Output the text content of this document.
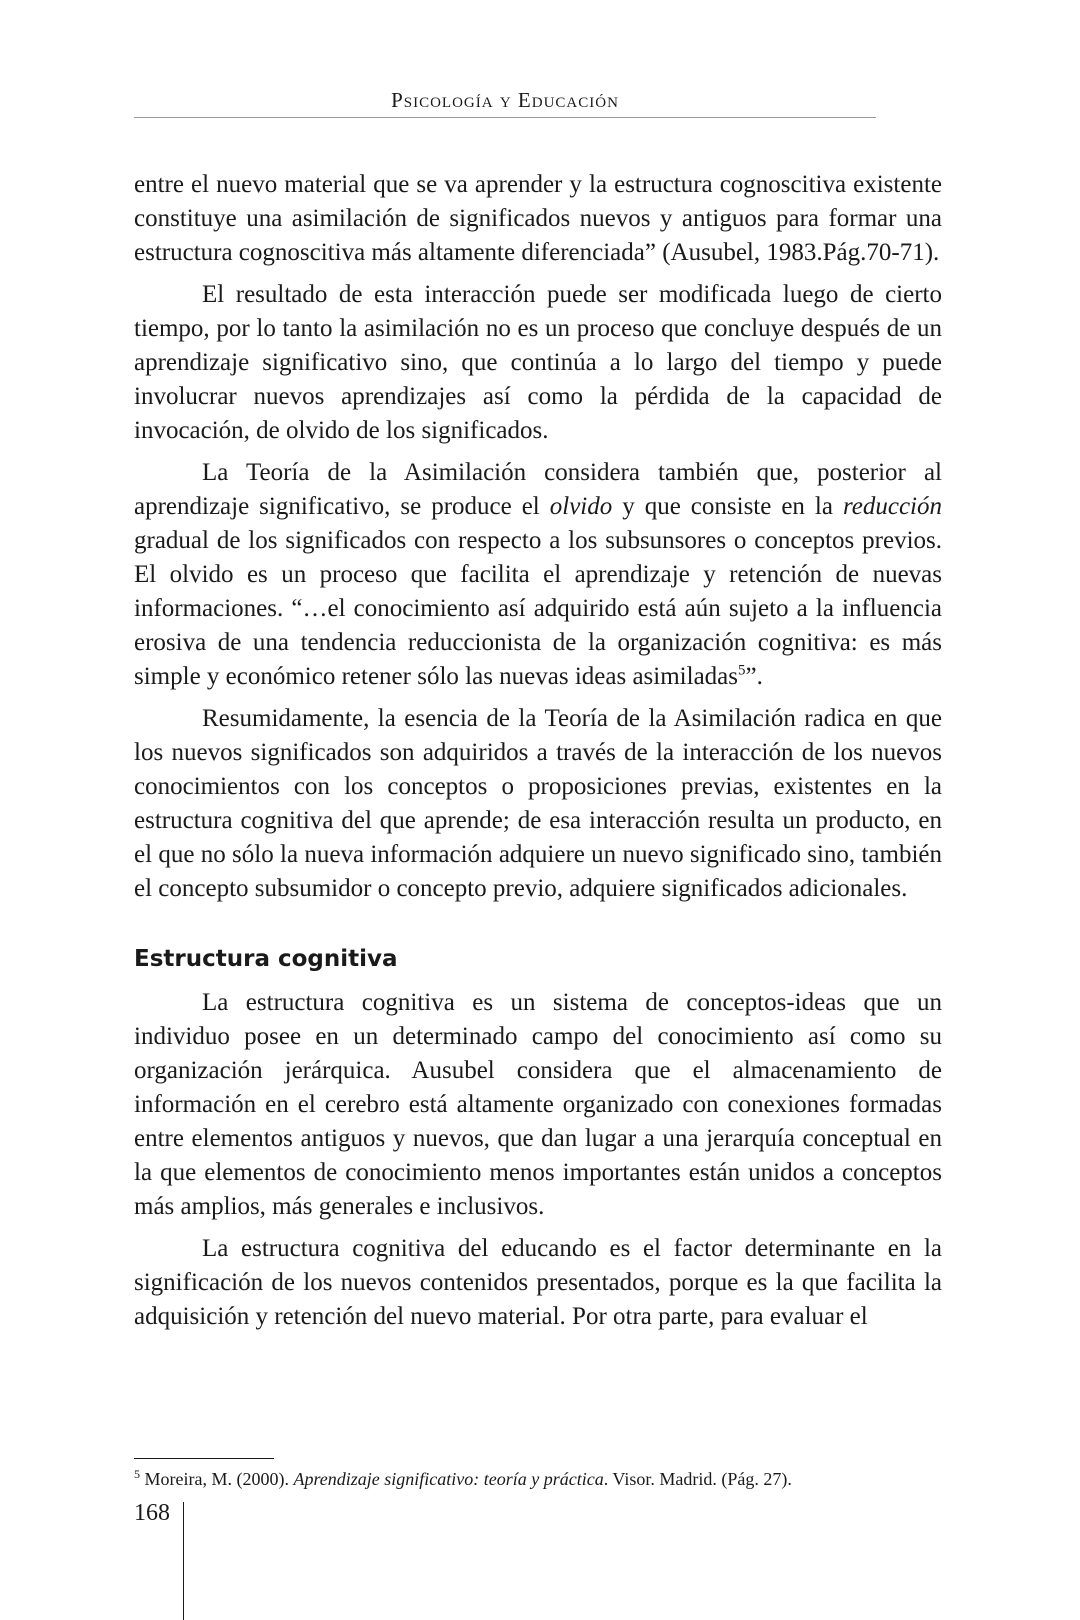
Psicología y Educación

entre el nuevo material que se va aprender y la estructura cognoscitiva existente constituye una asimilación de significados nuevos y antiguos para formar una estructura cognoscitiva más altamente diferenciada” (Ausubel, 1983.Pág.70-71).

El resultado de esta interacción puede ser modificada luego de cierto tiempo, por lo tanto la asimilación no es un proceso que concluye después de un aprendizaje significativo sino, que continúa a lo largo del tiempo y puede involucrar nuevos aprendizajes así como la pérdida de la capacidad de invocación, de olvido de los significados.

La Teoría de la Asimilación considera también que, posterior al aprendizaje significativo, se produce el olvido y que consiste en la reducción gradual de los significados con respecto a los subsunsores o conceptos previos. El olvido es un proceso que facilita el aprendizaje y retención de nuevas informaciones. “…el conocimiento así adquirido está aún sujeto a la influencia erosiva de una tendencia reduccionista de la organización cognitiva: es más simple y económico retener sólo las nuevas ideas asimiladas$^5$”.

Resumidamente, la esencia de la Teoría de la Asimilación radica en que los nuevos significados son adquiridos a través de la interacción de los nuevos conocimientos con los conceptos o proposiciones previas, existentes en la estructura cognitiva del que aprende; de esa interacción resulta un producto, en el que no sólo la nueva información adquiere un nuevo significado sino, también el concepto subsumidor o concepto previo, adquiere significados adicionales.

Estructura cognitiva

La estructura cognitiva es un sistema de conceptos-ideas que un individuo posee en un determinado campo del conocimiento así como su organización jerárquica. Ausubel considera que el almacenamiento de información en el cerebro está altamente organizado con conexiones formadas entre elementos antiguos y nuevos, que dan lugar a una jerarquía conceptual en la que elementos de conocimiento menos importantes están unidos a conceptos más amplios, más generales e inclusivos.

La estructura cognitiva del educando es el factor determinante en la significación de los nuevos contenidos presentados, porque es la que facilita la adquisición y retención del nuevo material. Por otra parte, para evaluar el

$^5$ Moreira, M. (2000). Aprendizaje significativo: teoría y práctica. Visor. Madrid. (Pág. 27).
168
